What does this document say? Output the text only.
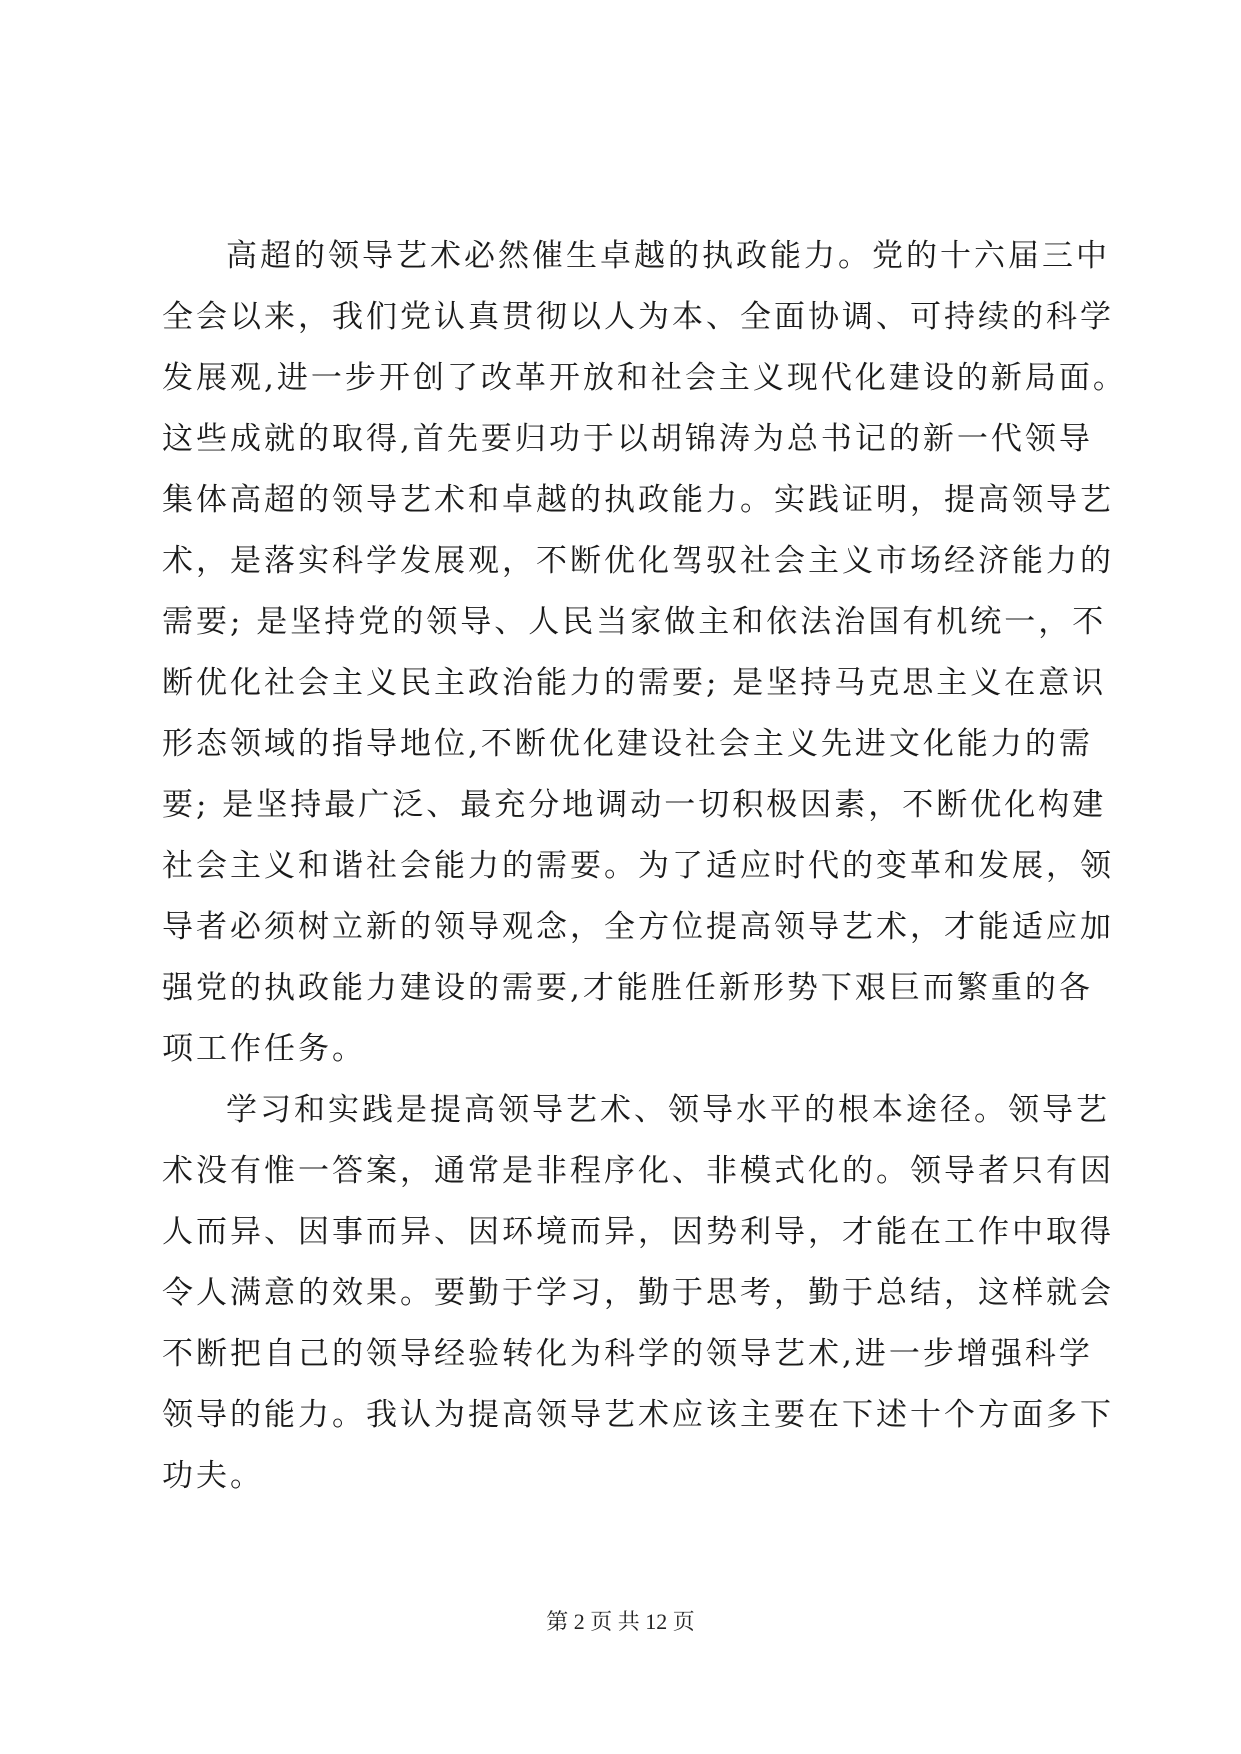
高超的领导艺术必然催生卓越的执政能力。党的十六届三中
全会以来，我们党认真贯彻以人为本、全面协调、可持续的科学
发展观,进一步开创了改革开放和社会主义现代化建设的新局面。
这些成就的取得,首先要归功于以胡锦涛为总书记的新一代领导
集体高超的领导艺术和卓越的执政能力。实践证明，提高领导艺
术，是落实科学发展观，不断优化驾驭社会主义市场经济能力的
需要; 是坚持党的领导、人民当家做主和依法治国有机统一，不
断优化社会主义民主政治能力的需要; 是坚持马克思主义在意识
形态领域的指导地位,不断优化建设社会主义先进文化能力的需
要; 是坚持最广泛、最充分地调动一切积极因素，不断优化构建
社会主义和谐社会能力的需要。为了适应时代的变革和发展，领
导者必须树立新的领导观念，全方位提高领导艺术，才能适应加
强党的执政能力建设的需要,才能胜任新形势下艰巨而繁重的各
项工作任务。
学习和实践是提高领导艺术、领导水平的根本途径。领导艺
术没有惟一答案，通常是非程序化、非模式化的。领导者只有因
人而异、因事而异、因环境而异，因势利导，才能在工作中取得
令人满意的效果。要勤于学习，勤于思考，勤于总结，这样就会
不断把自己的领导经验转化为科学的领导艺术,进一步增强科学
领导的能力。我认为提高领导艺术应该主要在下述十个方面多下
功夫。
第 2 页 共 12 页
